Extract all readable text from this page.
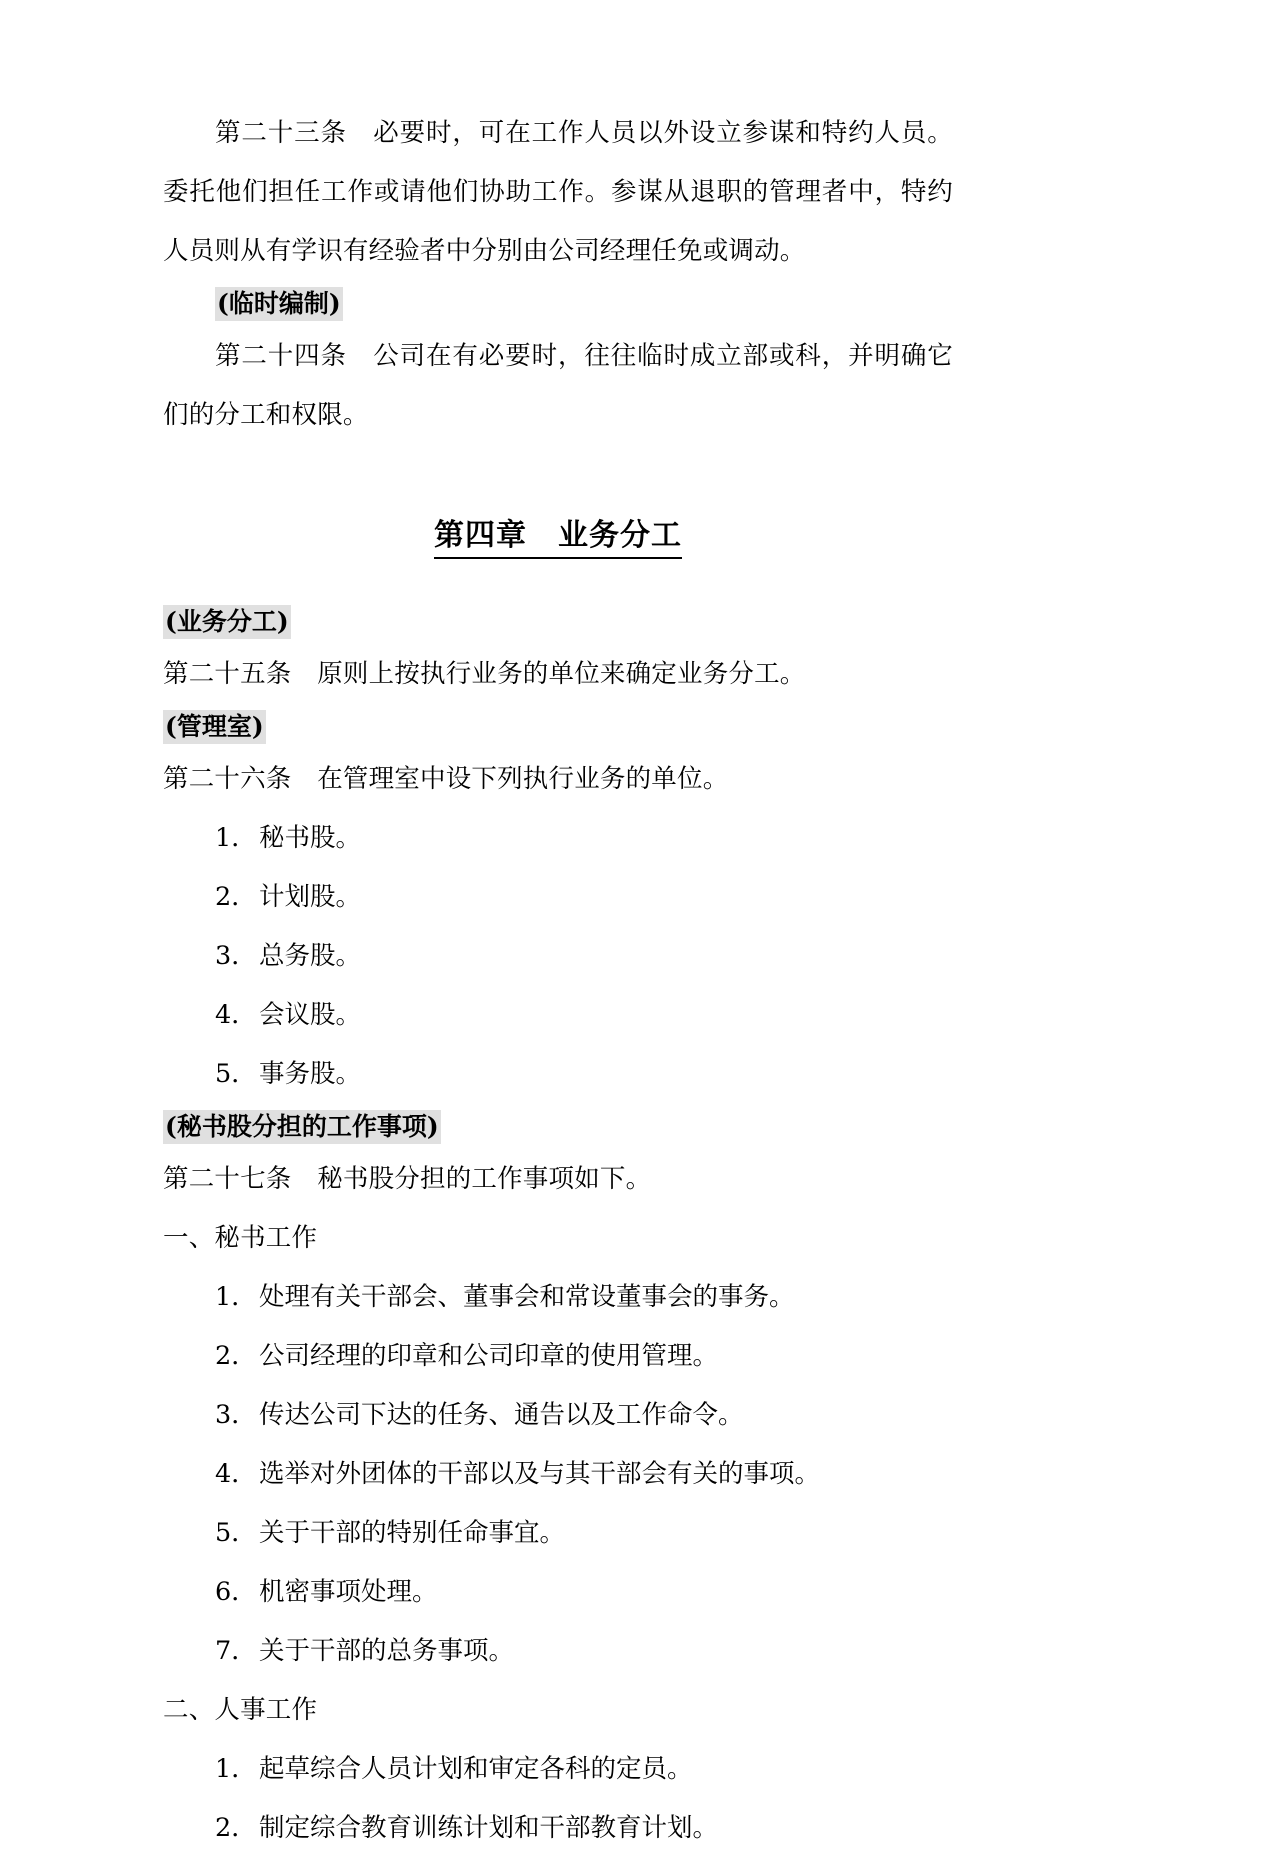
第二十三条　必要时，可在工作人员以外设立参谋和特约人员。委托他们担任工作或请他们协助工作。参谋从退职的管理者中，特约人员则从有学识有经验者中分别由公司经理任免或调动。

(临时编制)

第二十四条　公司在有必要时，往往临时成立部或科，并明确它们的分工和权限。

第四章　业务分工
(业务分工)

第二十五条　原则上按执行业务的单位来确定业务分工。

(管理室)

第二十六条　在管理室中设下列执行业务的单位。

1．秘书股。
2．计划股。
3．总务股。
4．会议股。
5．事务股。
(秘书股分担的工作事项)

第二十七条　秘书股分担的工作事项如下。

一、秘书工作

1．处理有关干部会、董事会和常设董事会的事务。
2．公司经理的印章和公司印章的使用管理。
3．传达公司下达的任务、通告以及工作命令。
4．选举对外团体的干部以及与其干部会有关的事项。
5．关于干部的特别任命事宜。
6．机密事项处理。
7．关于干部的总务事项。

二、人事工作

1．起草综合人员计划和审定各科的定员。
2．制定综合教育训练计划和干部教育计划。
